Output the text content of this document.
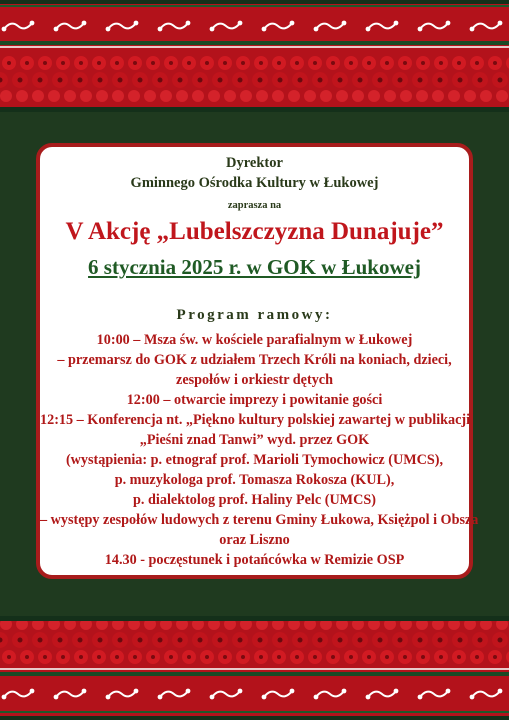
Dyrektor
Gminnego Ośrodka Kultury w Łukowej
zaprasza na
V Akcję „Lubelszczyzna Dunajuje”
6 stycznia 2025 r. w GOK w Łukowej
Program ramowy:
10:00 – Msza św. w kościele parafialnym w Łukowej
– przemarsz do GOK z udziałem Trzech Króli na koniach, dzieci,
zespołów i orkiestr dętych
12:00 – otwarcie imprezy i powitanie gości
12:15 – Konferencja nt. „Piękno kultury polskiej zawartej w publikacji
„Pieśni znad Tanwi” wyd. przez GOK
(wystąpienia: p. etnograf prof. Marioli Tymochowicz (UMCS),
p. muzykologa prof. Tomasza Rokosza (KUL),
p. dialektolog prof. Haliny Pelc (UMCS)
– występy zespołów ludowych z terenu Gminy Łukowa, Księżpol i Obsza
oraz Liszno
14.30 - poczęstunek i potańcówka w Remizie OSP
